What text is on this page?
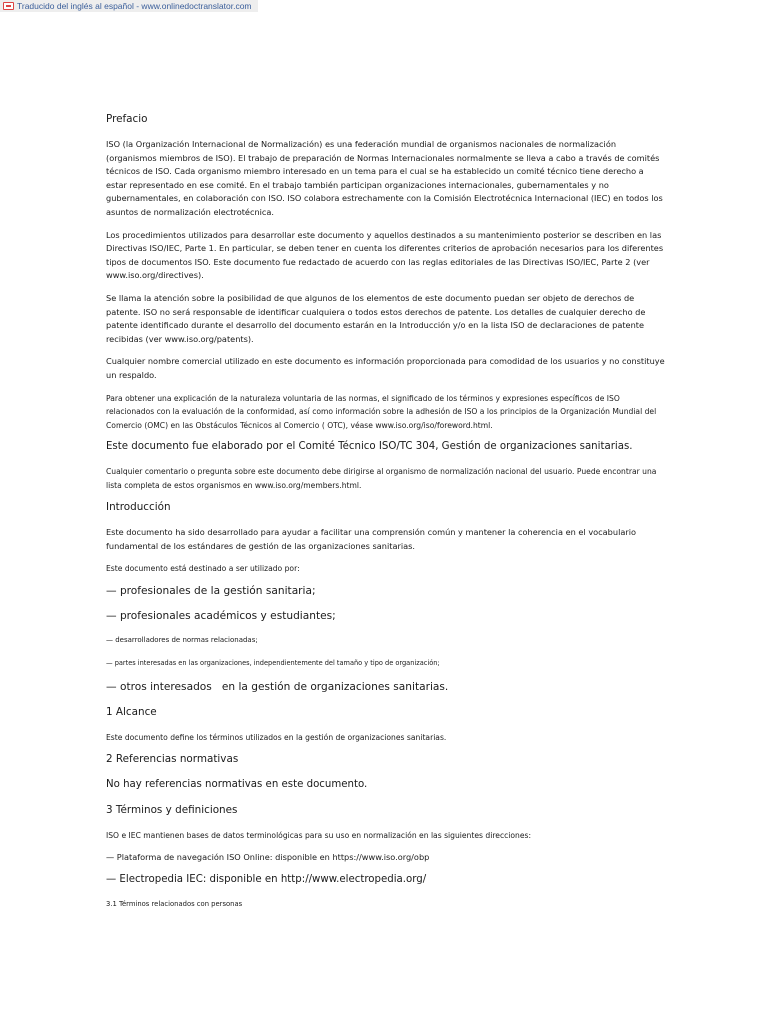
Traducido del inglés al español - www.onlinedoctranslator.com

Prefacio

ISO (la Organización Internacional de Normalización) es una federación mundial de organismos nacionales de normalización (organismos miembros de ISO). El trabajo de preparación de Normas Internacionales normalmente se lleva a cabo a través de comités técnicos de ISO. Cada organismo miembro interesado en un tema para el cual se ha establecido un comité técnico tiene derecho a estar representado en ese comité. En el trabajo también participan organizaciones internacionales, gubernamentales y no gubernamentales, en colaboración con ISO. ISO colabora estrechamente con la Comisión Electrotécnica Internacional (IEC) en todos los asuntos de normalización electrotécnica.

Los procedimientos utilizados para desarrollar este documento y aquellos destinados a su mantenimiento posterior se describen en las Directivas ISO/IEC, Parte 1. En particular, se deben tener en cuenta los diferentes criterios de aprobación necesarios para los diferentes tipos de documentos ISO. Este documento fue redactado de acuerdo con las reglas editoriales de las Directivas ISO/IEC, Parte 2 (ver www.iso.org/directives).

Se llama la atención sobre la posibilidad de que algunos de los elementos de este documento puedan ser objeto de derechos de patente. ISO no será responsable de identificar cualquiera o todos estos derechos de patente. Los detalles de cualquier derecho de patente identificado durante el desarrollo del documento estarán en la Introducción y/o en la lista ISO de declaraciones de patente recibidas (ver www.iso.org/patents).

Cualquier nombre comercial utilizado en este documento es información proporcionada para comodidad de los usuarios y no constituye un respaldo.

Para obtener una explicación de la naturaleza voluntaria de las normas, el significado de los términos y expresiones específicos de ISO relacionados con la evaluación de la conformidad, así como información sobre la adhesión de ISO a los principios de la Organización Mundial del Comercio (OMC) en las Obstáculos Técnicos al Comercio ( OTC), véase www.iso.org/iso/foreword.html.

Este documento fue elaborado por el Comité Técnico ISO/TC 304, Gestión de organizaciones sanitarias.

Cualquier comentario o pregunta sobre este documento debe dirigirse al organismo de normalización nacional del usuario. Puede encontrar una lista completa de estos organismos en www.iso.org/members.html.

Introducción

Este documento ha sido desarrollado para ayudar a facilitar una comprensión común y mantener la coherencia en el vocabulario fundamental de los estándares de gestión de las organizaciones sanitarias.

Este documento está destinado a ser utilizado por:

— profesionales de la gestión sanitaria;

— profesionales académicos y estudiantes;

— desarrolladores de normas relacionadas;

— partes interesadas en las organizaciones, independientemente del tamaño y tipo de organización;

— otros interesados   en la gestión de organizaciones sanitarias.

1 Alcance

Este documento define los términos utilizados en la gestión de organizaciones sanitarias.

2 Referencias normativas

No hay referencias normativas en este documento.

3 Términos y definiciones

ISO e IEC mantienen bases de datos terminológicas para su uso en normalización en las siguientes direcciones:

— Plataforma de navegación ISO Online: disponible en https://www.iso.org/obp

— Electropedia IEC: disponible en http://www.electropedia.org/

3.1 Términos relacionados con personas
